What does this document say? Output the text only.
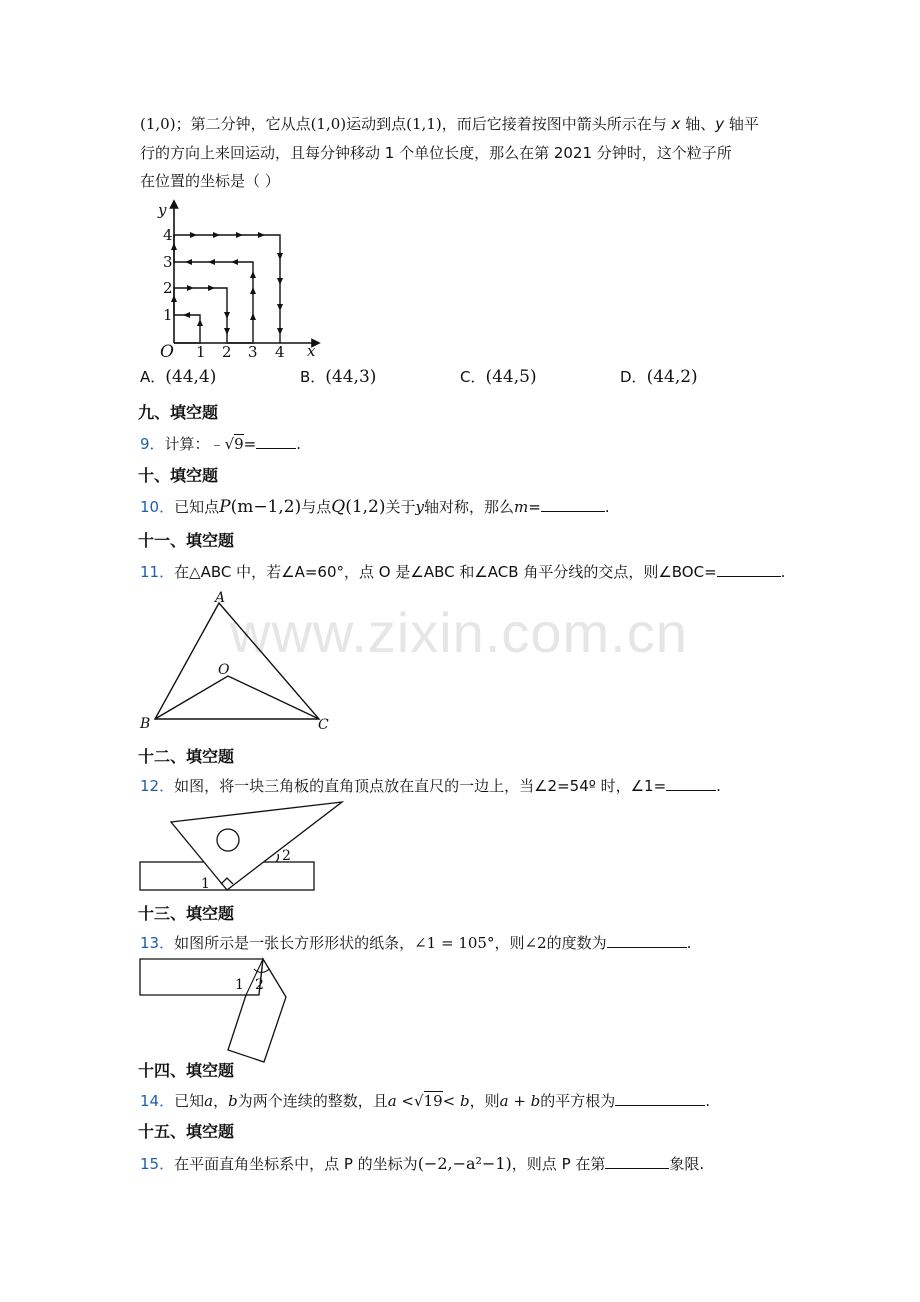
www.zixin.com.cn
(1,0)；第二分钟，它从点(1,0)运动到点(1,1)，而后它接着按图中箭头所示在与 x 轴、y 轴平
行的方向上来回运动，且每分钟移动 1 个单位长度，那么在第 2021 分钟时，这个粒子所
在位置的坐标是（ ）
y
x
O 1 2 3 4
1
2
3
4
A．(44,4)	B．(44,3)	C．(44,5)	D．(44,2)
九、填空题
9．计算：﹣√9=	.
十、填空题
10．已知点P(m−1,2)与点Q(1,2)关于y轴对称，那么m=	.
十一、填空题
11．在△ABC 中，若∠A=60°，点 O 是∠ABC 和∠ACB 角平分线的交点，则∠BOC=	.
A
B	C
O
十二、填空题
12．如图，将一块三角板的直角顶点放在直尺的一边上，当∠2=54º 时，∠1=	.
1
2
十三、填空题
13．如图所示是一张长方形形状的纸条，∠1 = 105°，则∠2的度数为	.
1 2
十四、填空题
14．已知a，b为两个连续的整数，且a <√19< b，则a + b的平方根为	.
十五、填空题
15．在平面直角坐标系中，点 P 的坐标为(−2,−a²−1)，则点 P 在第	象限.
